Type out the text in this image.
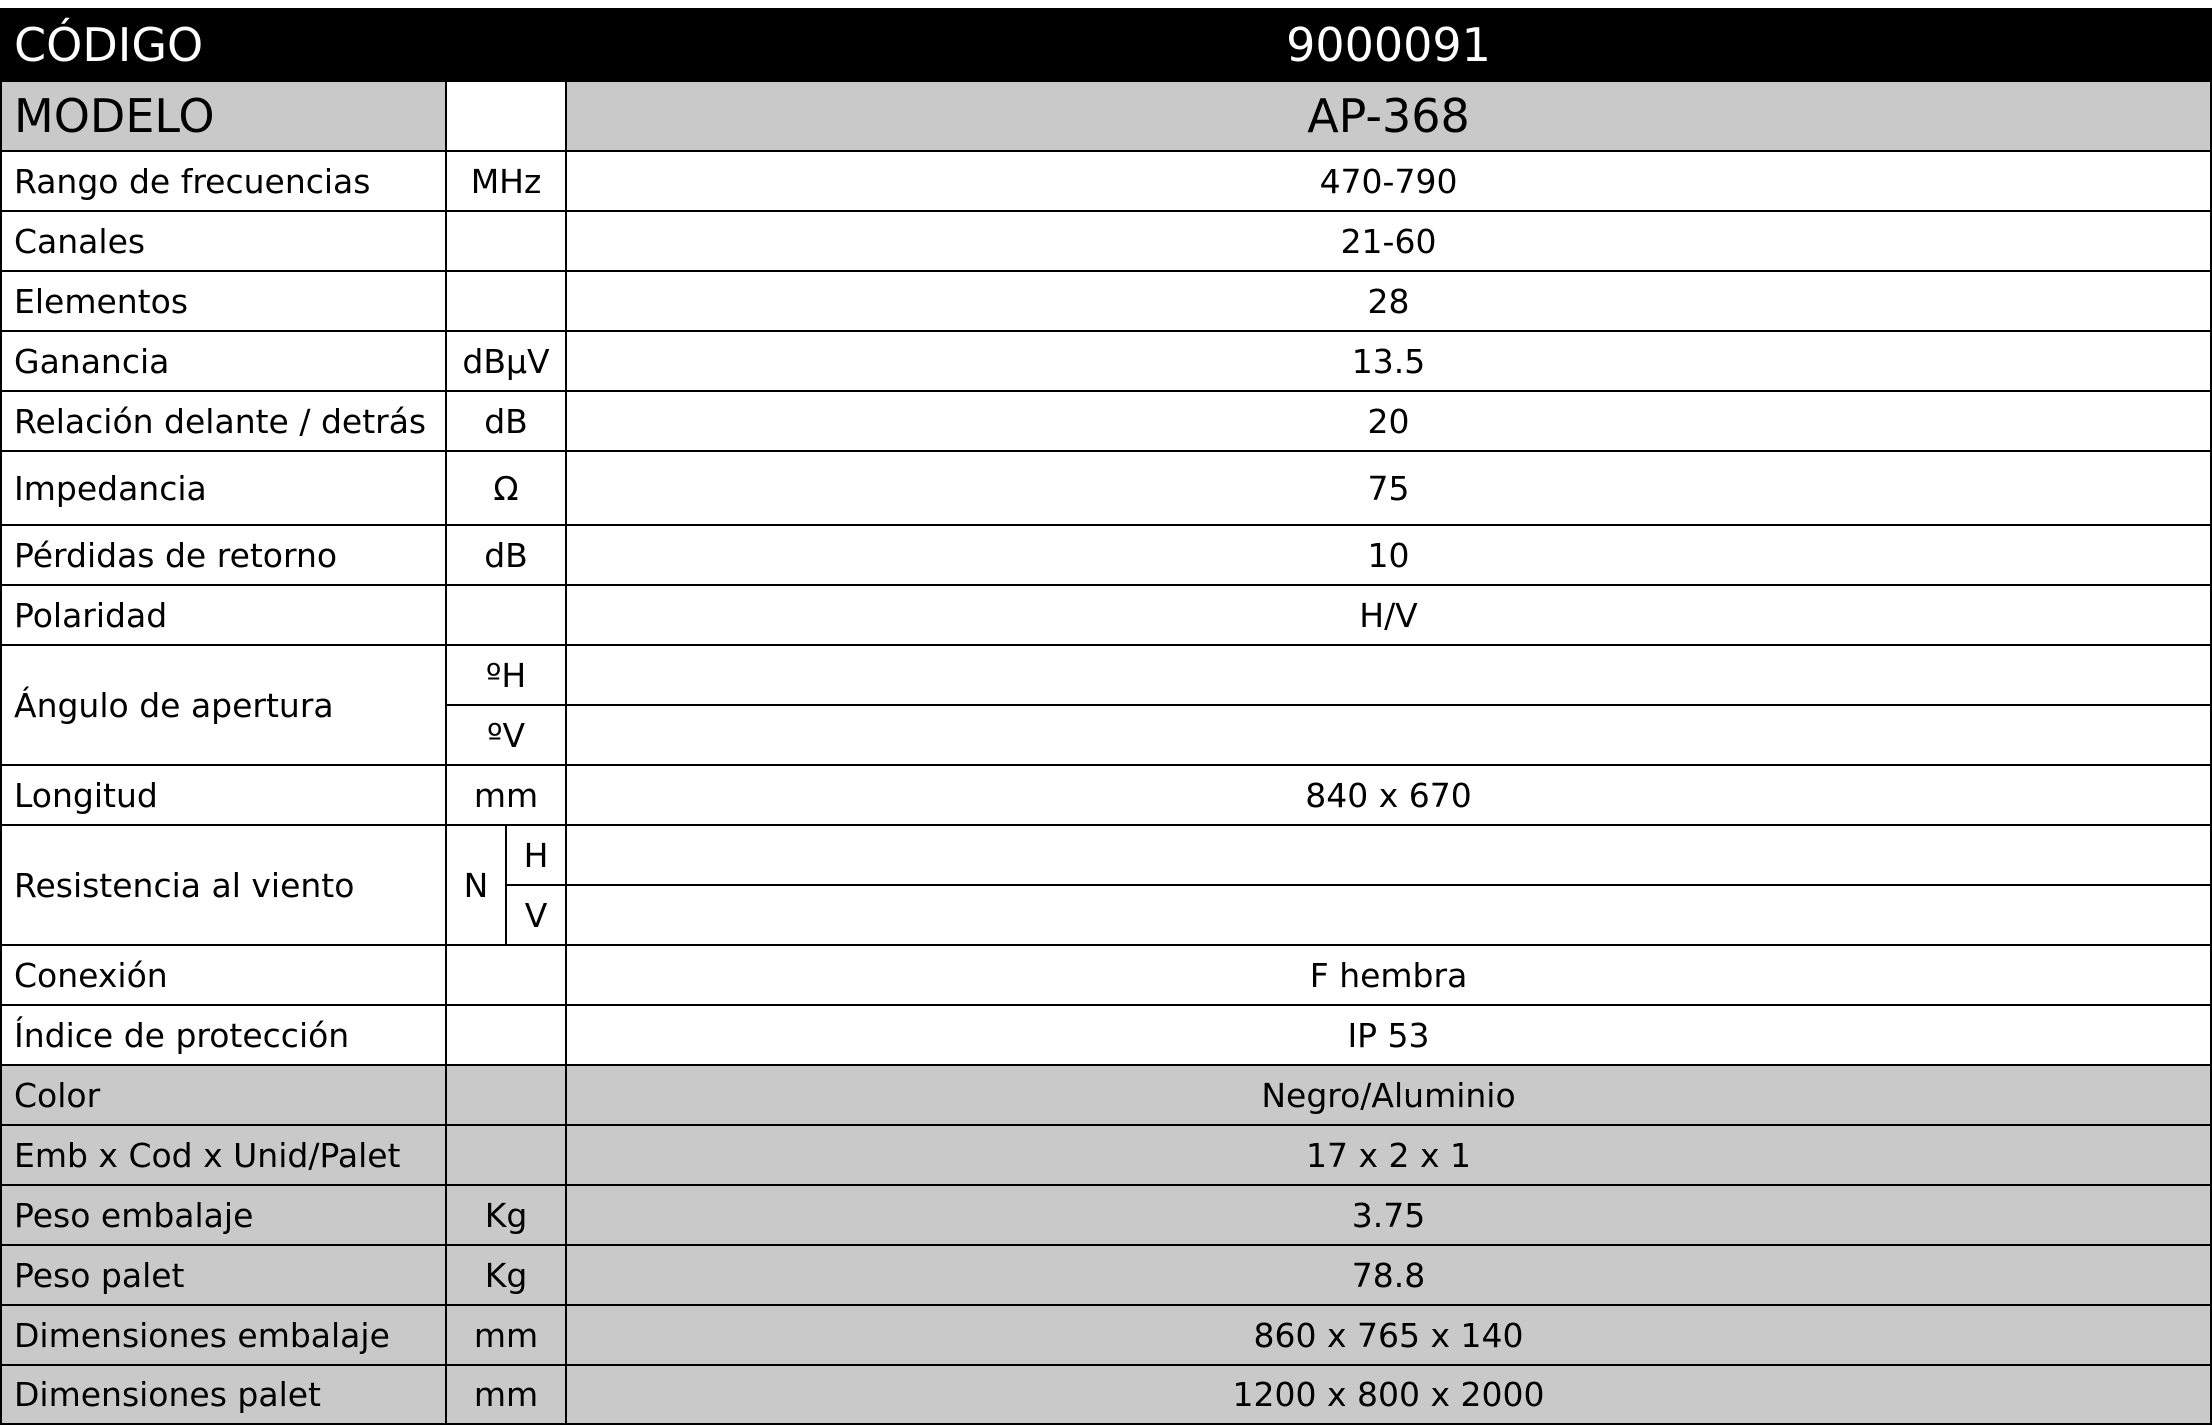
CÓDIGO			9000091
MODELO			AP-368
Rango de frecuencias	MHz		470-790
Canales			21-60
Elementos			28
Ganancia	dBμV		13.5
Relación delante / detrás	dB		20
Impedancia	Ω		75
Pérdidas de retorno	dB		10
Polaridad			H/V
Ángulo de apertura	ºH		
	ºV		
Longitud	mm		840 x 670
Resistencia al viento	N	H	
		V	
Conexión			F hembra
Índice de protección			IP 53
Color			Negro/Aluminio
Emb x Cod x Unid/Palet			17 x 2 x 1
Peso embalaje	Kg		3.75
Peso palet	Kg		78.8
Dimensiones embalaje	mm		860 x 765 x 140
Dimensiones palet	mm		1200 x 800 x 2000
